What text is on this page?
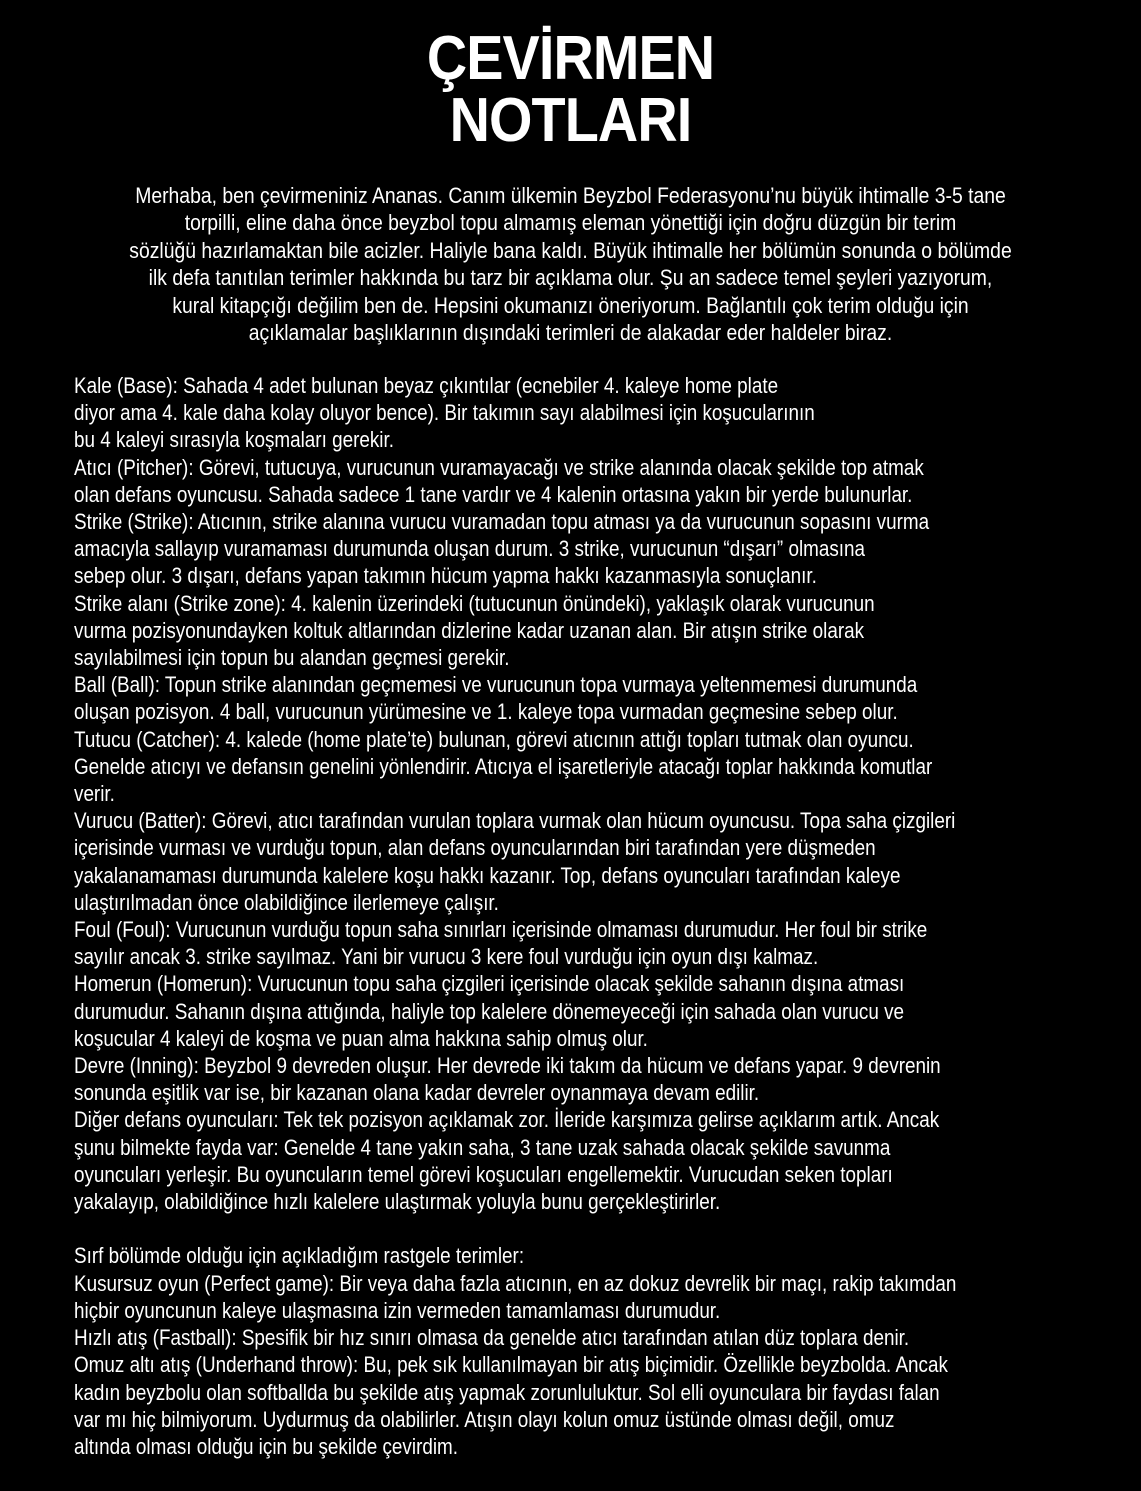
ÇEVİRMEN
NOTLARI
Merhaba, ben çevirmeniniz Ananas. Canım ülkemin Beyzbol Federasyonu’nu büyük ihtimalle 3-5 tane
torpilli, eline daha önce beyzbol topu almamış eleman yönettiği için doğru düzgün bir terim
sözlüğü hazırlamaktan bile acizler. Haliyle bana kaldı. Büyük ihtimalle her bölümün sonunda o bölümde
ilk defa tanıtılan terimler hakkında bu tarz bir açıklama olur. Şu an sadece temel şeyleri yazıyorum,
kural kitapçığı değilim ben de. Hepsini okumanızı öneriyorum. Bağlantılı çok terim olduğu için
açıklamalar başlıklarının dışındaki terimleri de alakadar eder haldeler biraz.
Kale (Base): Sahada 4 adet bulunan beyaz çıkıntılar (ecnebiler 4. kaleye home plate
diyor ama 4. kale daha kolay oluyor bence). Bir takımın sayı alabilmesi için koşucularının
bu 4 kaleyi sırasıyla koşmaları gerekir.
Atıcı (Pitcher): Görevi, tutucuya, vurucunun vuramayacağı ve strike alanında olacak şekilde top atmak
olan defans oyuncusu. Sahada sadece 1 tane vardır ve 4 kalenin ortasına yakın bir yerde bulunurlar.
Strike (Strike): Atıcının, strike alanına vurucu vuramadan topu atması ya da vurucunun sopasını vurma
amacıyla sallayıp vuramaması durumunda oluşan durum. 3 strike, vurucunun “dışarı” olmasına
sebep olur. 3 dışarı, defans yapan takımın hücum yapma hakkı kazanmasıyla sonuçlanır.
Strike alanı (Strike zone): 4. kalenin üzerindeki (tutucunun önündeki), yaklaşık olarak vurucunun
vurma pozisyonundayken koltuk altlarından dizlerine kadar uzanan alan. Bir atışın strike olarak
sayılabilmesi için topun bu alandan geçmesi gerekir.
Ball (Ball): Topun strike alanından geçmemesi ve vurucunun topa vurmaya yeltenmemesi durumunda
oluşan pozisyon. 4 ball, vurucunun yürümesine ve 1. kaleye topa vurmadan geçmesine sebep olur.
Tutucu (Catcher): 4. kalede (home plate’te) bulunan, görevi atıcının attığı topları tutmak olan oyuncu.
Genelde atıcıyı ve defansın genelini yönlendirir. Atıcıya el işaretleriyle atacağı toplar hakkında komutlar
verir.
Vurucu (Batter): Görevi, atıcı tarafından vurulan toplara vurmak olan hücum oyuncusu. Topa saha çizgileri
içerisinde vurması ve vurduğu topun, alan defans oyuncularından biri tarafından yere düşmeden
yakalanamaması durumunda kalelere koşu hakkı kazanır. Top, defans oyuncuları tarafından kaleye
ulaştırılmadan önce olabildiğince ilerlemeye çalışır.
Foul (Foul): Vurucunun vurduğu topun saha sınırları içerisinde olmaması durumudur. Her foul bir strike
sayılır ancak 3. strike sayılmaz. Yani bir vurucu 3 kere foul vurduğu için oyun dışı kalmaz.
Homerun (Homerun): Vurucunun topu saha çizgileri içerisinde olacak şekilde sahanın dışına atması
durumudur. Sahanın dışına attığında, haliyle top kalelere dönemeyeceği için sahada olan vurucu ve
koşucular 4 kaleyi de koşma ve puan alma hakkına sahip olmuş olur.
Devre (Inning): Beyzbol 9 devreden oluşur. Her devrede iki takım da hücum ve defans yapar. 9 devrenin
sonunda eşitlik var ise, bir kazanan olana kadar devreler oynanmaya devam edilir.
Diğer defans oyuncuları: Tek tek pozisyon açıklamak zor. İleride karşımıza gelirse açıklarım artık. Ancak
şunu bilmekte fayda var: Genelde 4 tane yakın saha, 3 tane uzak sahada olacak şekilde savunma
oyuncuları yerleşir. Bu oyuncuların temel görevi koşucuları engellemektir. Vurucudan seken topları
yakalayıp, olabildiğince hızlı kalelere ulaştırmak yoluyla bunu gerçekleştirirler.
Sırf bölümde olduğu için açıkladığım rastgele terimler:
Kusursuz oyun (Perfect game): Bir veya daha fazla atıcının, en az dokuz devrelik bir maçı, rakip takımdan
hiçbir oyuncunun kaleye ulaşmasına izin vermeden tamamlaması durumudur.
Hızlı atış (Fastball): Spesifik bir hız sınırı olmasa da genelde atıcı tarafından atılan düz toplara denir.
Omuz altı atış (Underhand throw): Bu, pek sık kullanılmayan bir atış biçimidir. Özellikle beyzbolda. Ancak
kadın beyzbolu olan softballda bu şekilde atış yapmak zorunluluktur. Sol elli oyunculara bir faydası falan
var mı hiç bilmiyorum. Uydurmuş da olabilirler. Atışın olayı kolun omuz üstünde olması değil, omuz
altında olması olduğu için bu şekilde çevirdim.
